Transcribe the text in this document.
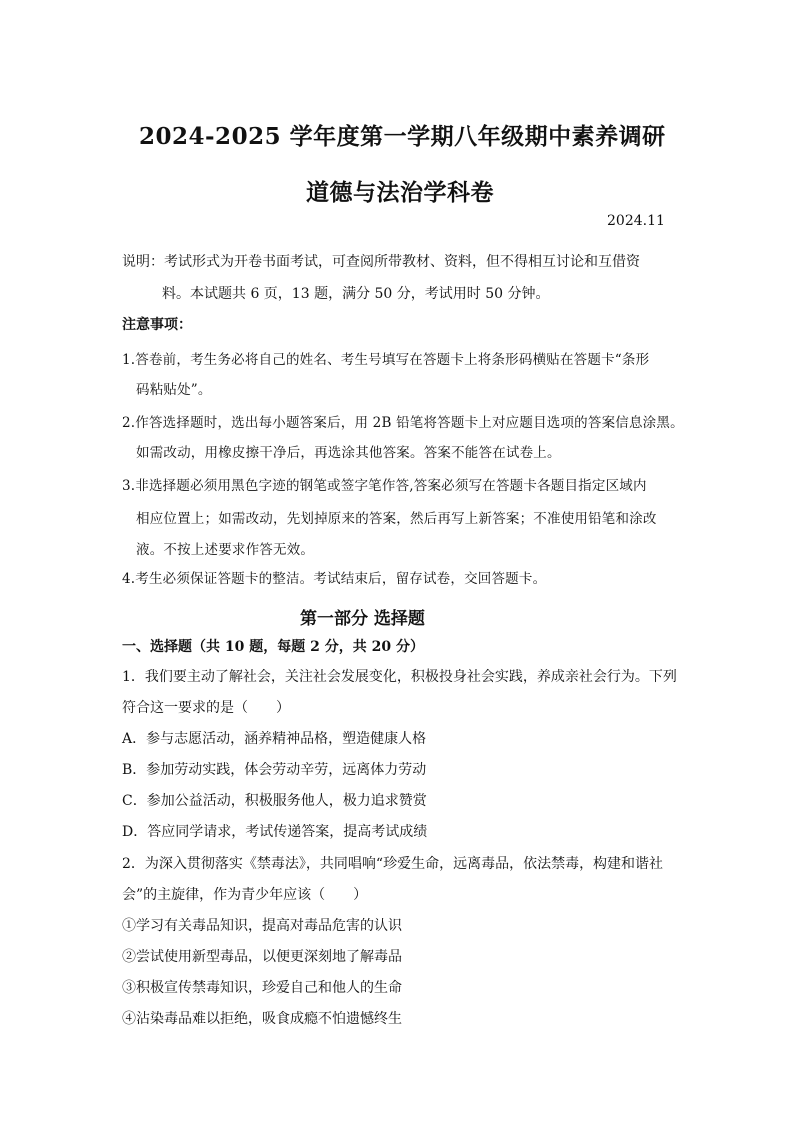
2024-2025 学年度第一学期八年级期中素养调研
道德与法治学科卷
2024.11
说明：考试形式为开卷书面考试，可查阅所带教材、资料，但不得相互讨论和互借资
料。本试题共 6 页，13 题，满分 50 分，考试用时 50 分钟。
注意事项：
1.答卷前，考生务必将自己的姓名、考生号填写在答题卡上将条形码横贴在答题卡“条形
码粘贴处”。
2.作答选择题时，选出每小题答案后，用 2B 铅笔将答题卡上对应题目选项的答案信息涂黑。
如需改动，用橡皮擦干净后，再选涂其他答案。答案不能答在试卷上。
3.非选择题必须用黑色字迹的钢笔或签字笔作答,答案必须写在答题卡各题目指定区域内
相应位置上；如需改动，先划掉原来的答案，然后再写上新答案；不准使用铅笔和涂改
液。不按上述要求作答无效。
4.考生必须保证答题卡的整洁。考试结束后，留存试卷，交回答题卡。
第一部分 选择题
一、选择题（共 10 题，每题 2 分，共 20 分）
1．我们要主动了解社会，关注社会发展变化，积极投身社会实践，养成亲社会行为。下列
符合这一要求的是（　　）
A．参与志愿活动，涵养精神品格，塑造健康人格
B．参加劳动实践，体会劳动辛劳，远离体力劳动
C．参加公益活动，积极服务他人，极力追求赞赏
D．答应同学请求，考试传递答案，提高考试成绩
2．为深入贯彻落实《禁毒法》，共同唱响“珍爱生命，远离毒品，依法禁毒，构建和谐社
会”的主旋律，作为青少年应该（　　）
①学习有关毒品知识，提高对毒品危害的认识
②尝试使用新型毒品，以便更深刻地了解毒品
③积极宣传禁毒知识，珍爱自己和他人的生命
④沾染毒品难以拒绝，吸食成瘾不怕遗憾终生
